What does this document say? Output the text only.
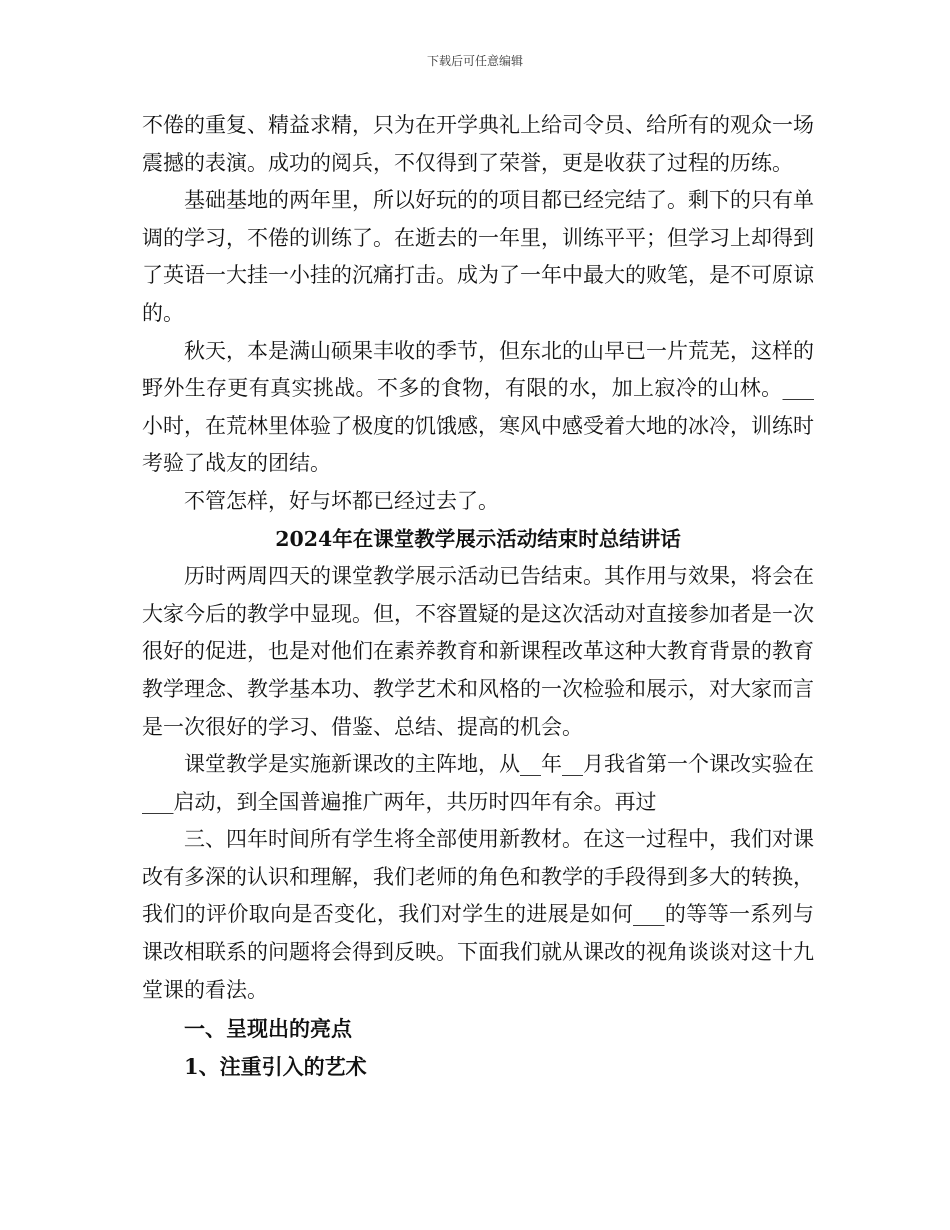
下载后可任意编辑

不倦的重复、精益求精，只为在开学典礼上给司令员、给所有的观众一场震撼的表演。成功的阅兵，不仅得到了荣誉，更是收获了过程的历练。

基础基地的两年里，所以好玩的的项目都已经完结了。剩下的只有单调的学习，不倦的训练了。在逝去的一年里，训练平平；但学习上却得到了英语一大挂一小挂的沉痛打击。成为了一年中最大的败笔，是不可原谅的。

秋天，本是满山硕果丰收的季节，但东北的山早已一片荒芜，这样的野外生存更有真实挑战。不多的食物，有限的水，加上寂冷的山林。___小时，在荒林里体验了极度的饥饿感，寒风中感受着大地的冰冷，训练时考验了战友的团结。

不管怎样，好与坏都已经过去了。

2024年在课堂教学展示活动结束时总结讲话

历时两周四天的课堂教学展示活动已告结束。其作用与效果，将会在大家今后的教学中显现。但，不容置疑的是这次活动对直接参加者是一次很好的促进，也是对他们在素养教育和新课程改革这种大教育背景的教育教学理念、教学基本功、教学艺术和风格的一次检验和展示，对大家而言是一次很好的学习、借鉴、总结、提高的机会。

课堂教学是实施新课改的主阵地，从__年__月我省第一个课改实验在___启动，到全国普遍推广两年，共历时四年有余。再过

三、四年时间所有学生将全部使用新教材。在这一过程中，我们对课改有多深的认识和理解，我们老师的角色和教学的手段得到多大的转换，我们的评价取向是否变化，我们对学生的进展是如何___的等等一系列与课改相联系的问题将会得到反映。下面我们就从课改的视角谈谈对这十九堂课的看法。

一、呈现出的亮点
1、注重引入的艺术
